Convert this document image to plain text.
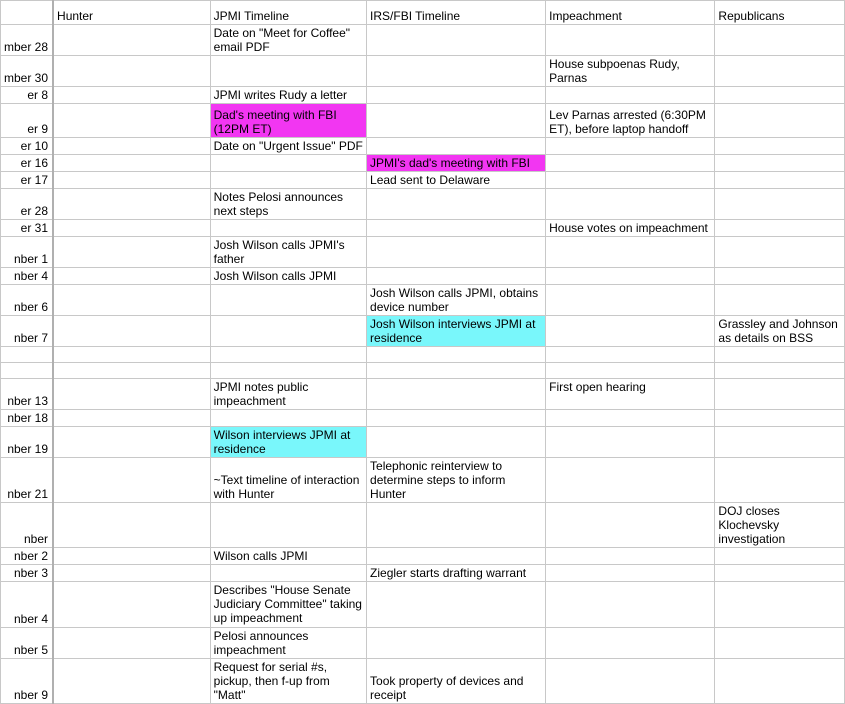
	Hunter	JPMI Timeline	IRS/FBI Timeline	Impeachment	Republicans
mber 28		Date on "Meet for Coffee" email PDF			
mber 30				House subpoenas Rudy, Parnas	
er 8		JPMI writes Rudy a letter			
er 9		Dad's meeting with FBI (12PM ET)		Lev Parnas arrested (6:30PM ET), before laptop handoff	
er 10		Date on "Urgent Issue" PDF			
er 16			JPMI's dad's meeting with FBI		
er 17			Lead sent to Delaware		
er 28		Notes Pelosi announces next steps			
er 31				House votes on impeachment	
nber 1		Josh Wilson calls JPMI's father			
nber 4		Josh Wilson calls JPMI			
nber 6			Josh Wilson calls JPMI, obtains device number		
nber 7			Josh Wilson interviews JPMI at residence		Grassley and Johnson as details on BSS

nber 13		JPMI notes public impeachment		First open hearing	
nber 18					
nber 19		Wilson interviews JPMI at residence			
nber 21		~Text timeline of interaction with Hunter	Telephonic reinterview to determine steps to inform Hunter		
nber					DOJ closes Klochevsky investigation
nber 2		Wilson calls JPMI			
nber 3			Ziegler starts drafting warrant		
nber 4		Describes "House Senate Judiciary Committee" taking up impeachment			
nber 5		Pelosi announces impeachment			
nber 9		Request for serial #s, pickup, then f-up from "Matt"	Took property of devices and receipt		
